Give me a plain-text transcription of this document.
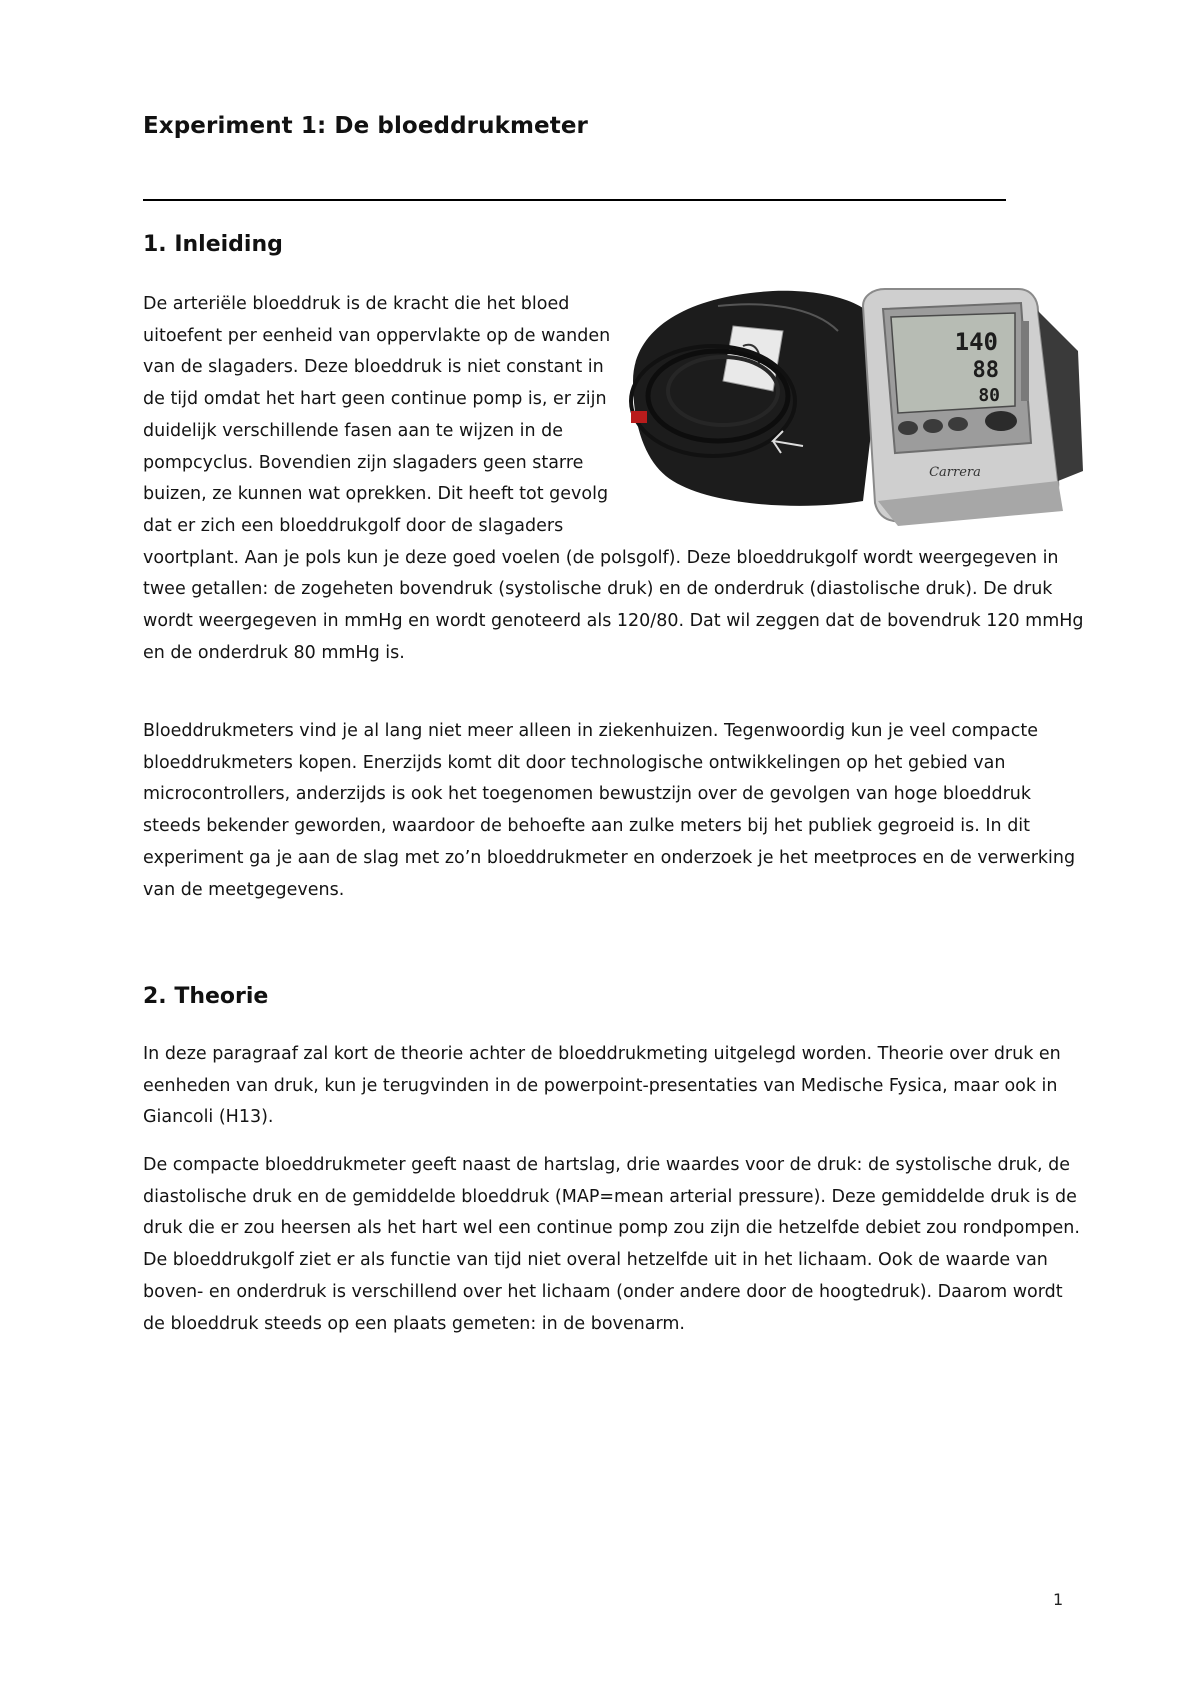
Experiment 1: De bloeddrukmeter
1. Inleiding
140
88
80
Carrera
De arteriële bloeddruk is de kracht die het bloed uitoefent per eenheid van oppervlakte op de wanden van de slagaders. Deze bloeddruk is niet constant in de tijd omdat het hart geen continue pomp is, er zijn duidelijk verschillende fasen aan te wijzen in de pompcyclus. Bovendien zijn slagaders geen starre buizen, ze kunnen wat oprekken. Dit heeft tot gevolg dat er zich een bloeddrukgolf door de slagaders voortplant. Aan je pols kun je deze goed voelen (de polsgolf). Deze bloeddrukgolf wordt weergegeven in twee getallen: de zogeheten bovendruk (systolische druk) en de onderdruk (diastolische druk). De druk wordt weergegeven in mmHg en wordt genoteerd als 120/80. Dat wil zeggen dat de bovendruk 120 mmHg en de onderdruk 80 mmHg is.

Bloeddrukmeters vind je al lang niet meer alleen in ziekenhuizen. Tegenwoordig kun je veel compacte bloeddrukmeters kopen. Enerzijds komt dit door technologische ontwikkelingen op het gebied van microcontrollers, anderzijds is ook het toegenomen bewustzijn over de gevolgen van hoge bloeddruk steeds bekender geworden, waardoor de behoefte aan zulke meters bij het publiek gegroeid is. In dit experiment ga je aan de slag met zo’n bloeddrukmeter en onderzoek je het meetproces en de verwerking van de meetgegevens.

2. Theorie

In deze paragraaf zal kort de theorie achter de bloeddrukmeting uitgelegd worden. Theorie over druk en eenheden van druk, kun je terugvinden in de powerpoint-presentaties van Medische Fysica, maar ook in Giancoli (H13).

De compacte bloeddrukmeter geeft naast de hartslag, drie waardes voor de druk: de systolische druk, de diastolische druk en de gemiddelde bloeddruk (MAP=mean arterial pressure). Deze gemiddelde druk is de druk die er zou heersen als het hart wel een continue pomp zou zijn die hetzelfde debiet zou rondpompen. De bloeddrukgolf ziet er als functie van tijd niet overal hetzelfde uit in het lichaam. Ook de waarde van boven- en onderdruk is verschillend over het lichaam (onder andere door de hoogtedruk). Daarom wordt de bloeddruk steeds op een plaats gemeten: in de bovenarm.

1
